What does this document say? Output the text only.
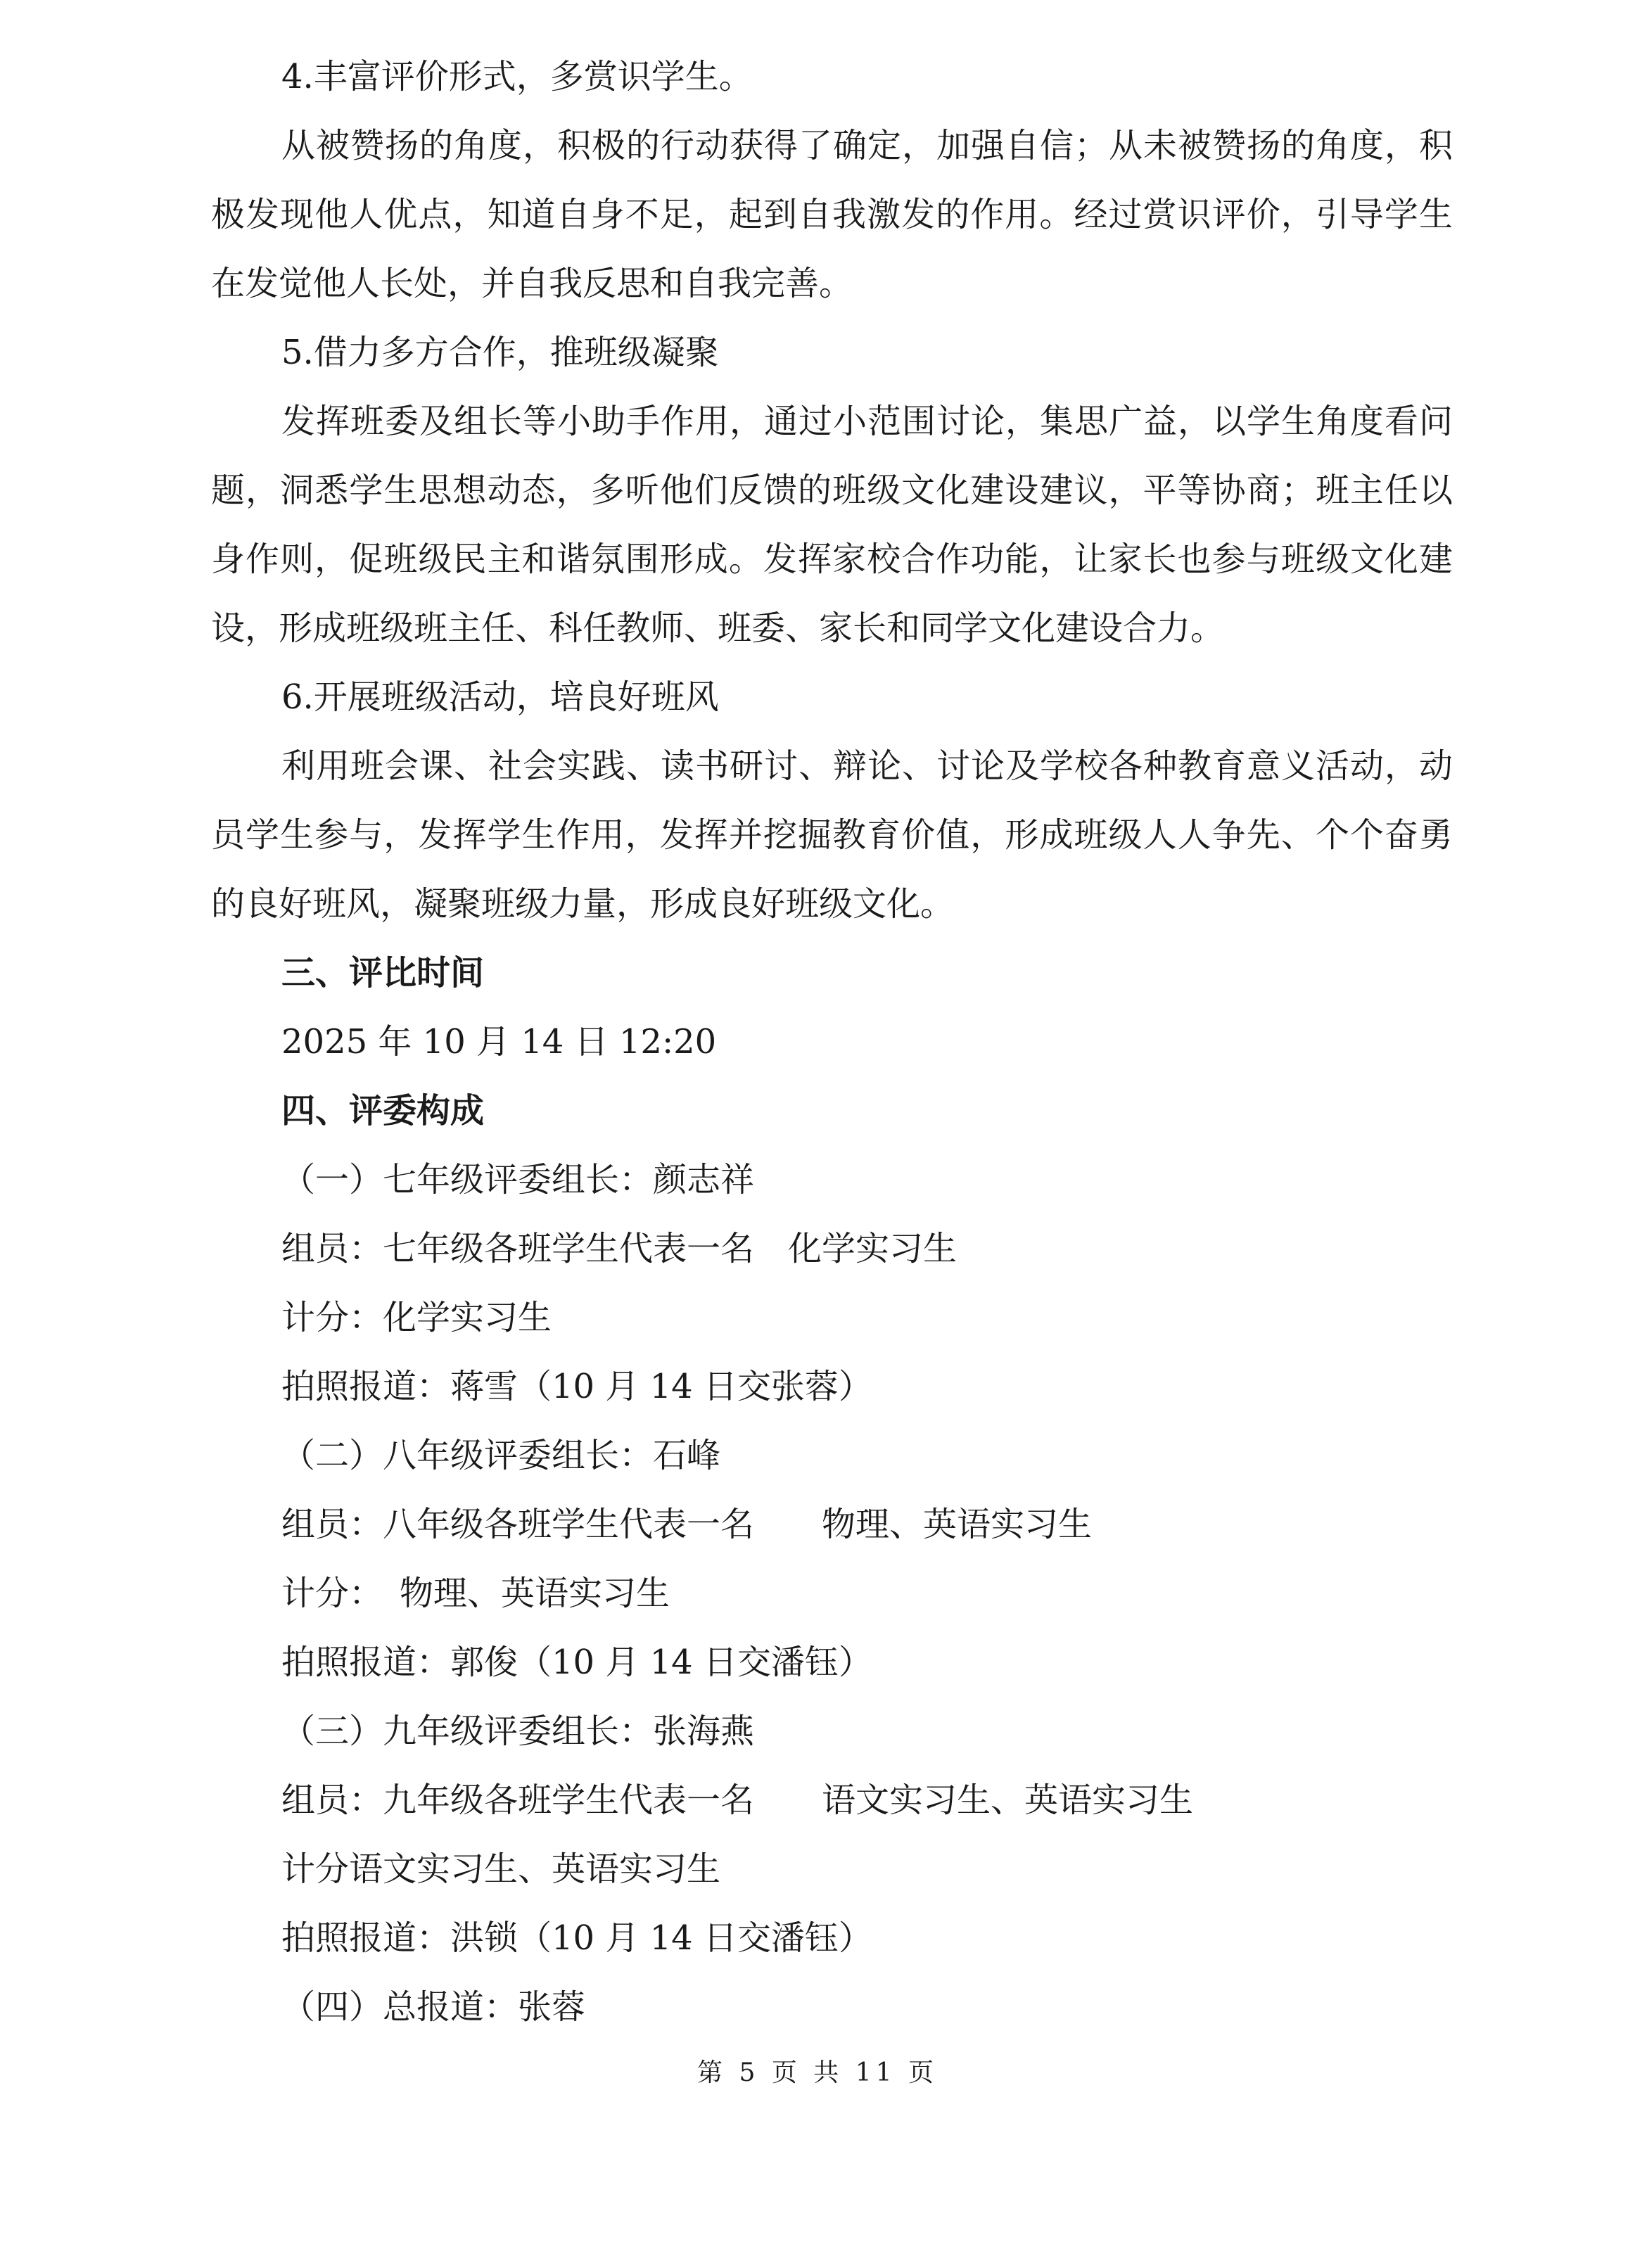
4.丰富评价形式，多赏识学生。
从被赞扬的角度，积极的行动获得了确定，加强自信；从未被赞扬的角度，积
极发现他人优点，知道自身不足，起到自我激发的作用。经过赏识评价，引导学生
在发觉他人长处，并自我反思和自我完善。
5.借力多方合作，推班级凝聚
发挥班委及组长等小助手作用，通过小范围讨论，集思广益，以学生角度看问
题，洞悉学生思想动态，多听他们反馈的班级文化建设建议，平等协商；班主任以
身作则，促班级民主和谐氛围形成。发挥家校合作功能，让家长也参与班级文化建
设，形成班级班主任、科任教师、班委、家长和同学文化建设合力。
6.开展班级活动，培良好班风
利用班会课、社会实践、读书研讨、辩论、讨论及学校各种教育意义活动，动
员学生参与，发挥学生作用，发挥并挖掘教育价值，形成班级人人争先、个个奋勇
的良好班风，凝聚班级力量，形成良好班级文化。
三、评比时间
2025 年 10 月 14 日 12:20
四、评委构成
（一）七年级评委组长：颜志祥
组员：七年级各班学生代表一名　化学实习生
计分：化学实习生
拍照报道：蒋雪（10 月 14 日交张蓉）
（二）八年级评委组长：石峰
组员：八年级各班学生代表一名　　物理、英语实习生
计分：　物理、英语实习生
拍照报道：郭俊（10 月 14 日交潘钰）
（三）九年级评委组长：张海燕
组员：九年级各班学生代表一名　　语文实习生、英语实习生
计分语文实习生、英语实习生
拍照报道：洪锁（10 月 14 日交潘钰）
（四）总报道：张蓉
第 5 页 共 11 页
